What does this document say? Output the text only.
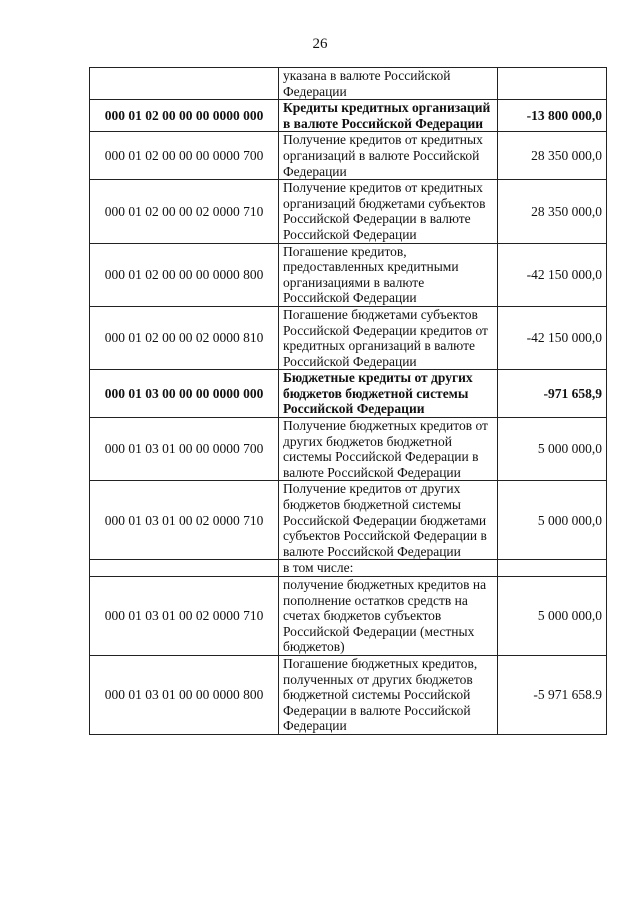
26
	указана в валюте Российской Федерации	
000 01 02 00 00 00 0000 000	Кредиты кредитных организаций в валюте Российской Федерации	-13 800 000,0
000 01 02 00 00 00 0000 700	Получение кредитов от кредитных организаций в валюте Российской Федерации	28 350 000,0
000 01 02 00 00 02 0000 710	Получение кредитов от кредитных организаций бюджетами субъектов Российской Федерации в валюте Российской Федерации	28 350 000,0
000 01 02 00 00 00 0000 800	Погашение кредитов, предоставленных кредитными организациями в валюте Российской Федерации	-42 150 000,0
000 01 02 00 00 02 0000 810	Погашение бюджетами субъектов Российской Федерации кредитов от кредитных организаций в валюте Российской Федерации	-42 150 000,0
000 01 03 00 00 00 0000 000	Бюджетные кредиты от других бюджетов бюджетной системы Российской Федерации	-971 658,9
000 01 03 01 00 00 0000 700	Получение бюджетных кредитов от других бюджетов бюджетной системы Российской Федерации в валюте Российской Федерации	5 000 000,0
000 01 03 01 00 02 0000 710	Получение кредитов от других бюджетов бюджетной системы Российской Федерации бюджетами субъектов Российской Федерации в валюте Российской Федерации	5 000 000,0
	в том числе:	
000 01 03 01 00 02 0000 710	получение бюджетных кредитов на пополнение остатков средств на счетах бюджетов субъектов Российской Федерации (местных бюджетов)	5 000 000,0
000 01 03 01 00 00 0000 800	Погашение бюджетных кредитов, полученных от других бюджетов бюджетной системы Российской Федерации в валюте Российской Федерации	-5 971 658.9
